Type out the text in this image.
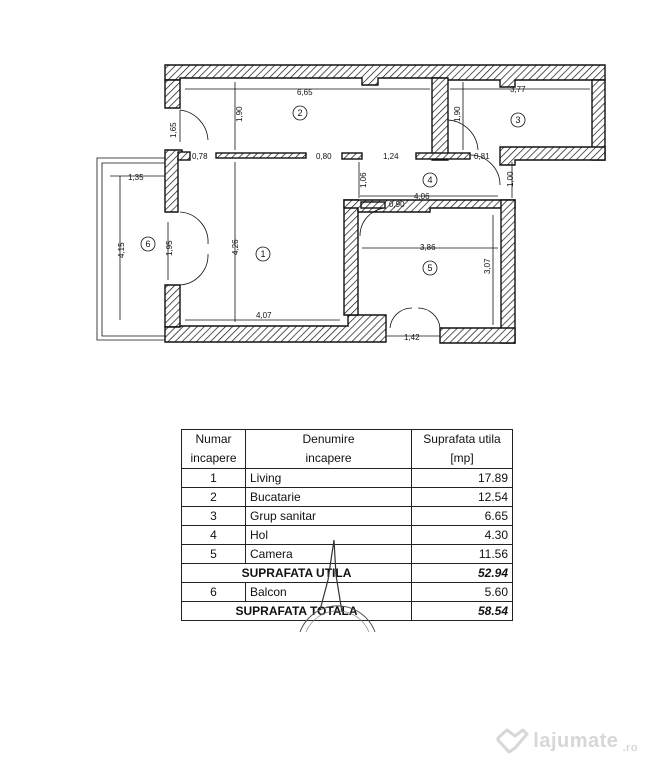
6,65	3,77
1,90	1,90
1,65
0,78	0,80	1,24	0,81
1,35	1,06
4,06
0,90
1,00
4,15	1,95	4,26	3,86
3,07
4,07
1,42
1
2
3
4
5
6
Numar	Denumire	Suprafata utila
incapere	incapere	[mp]
1	Living	17.89
2	Bucatarie	12.54
3	Grup sanitar	6.65
4	Hol	4.30
5	Camera	11.56
SUPRAFATA UTILA		52.94
6	Balcon	5.60
SUPRAFATA TOTALA		58.54
lajumate .ro
